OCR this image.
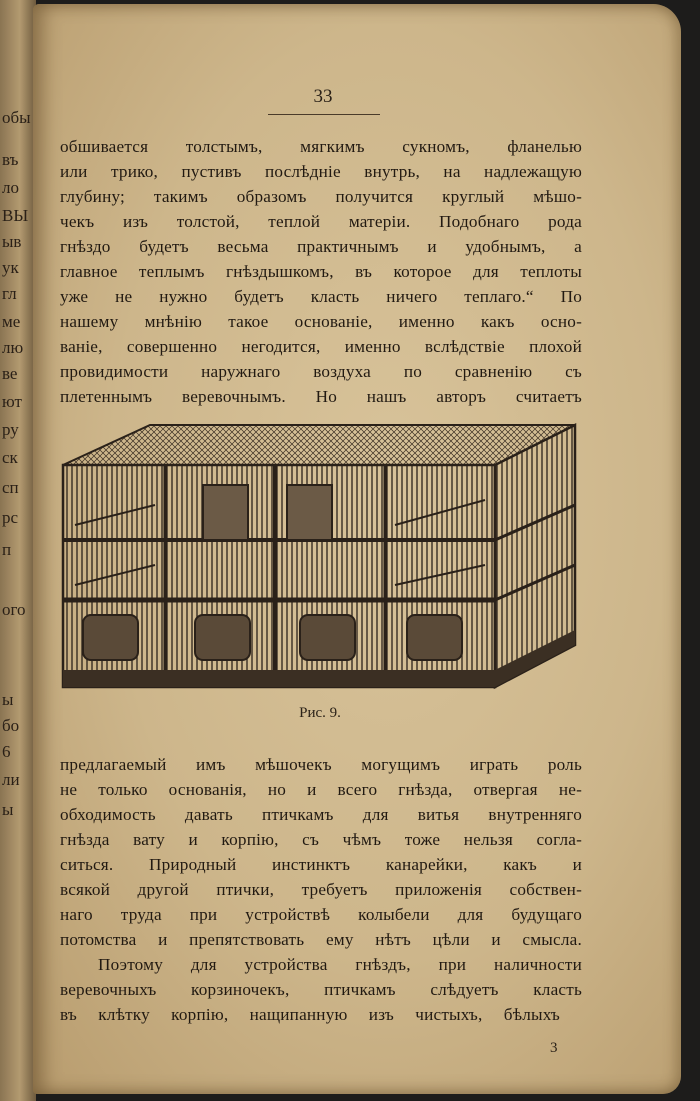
обы
въ
ло
ВЫ
ыв
ук
гл
ме
лю
ве
ют
ру
ск
сп
рс
п
ого
ы
бо
6
ли
ы
33

обшивается толстымъ, мягкимъ сукномъ, фланелью

или трико, пустивъ послѣдніе внутрь, на надлежащую

глубину; такимъ образомъ получится круглый мѣшо-

чекъ изъ толстой, теплой матеріи. Подобнаго рода

гнѣздо будетъ весьма практичнымъ и удобнымъ, а

главное теплымъ гнѣздышкомъ, въ которое для теплоты

уже не нужно будетъ класть ничего теплаго.“ По

нашему мнѣнію такое основаніе, именно какъ осно-

ваніе, совершенно негодится, именно вслѣдствіе плохой

провидимости наружнаго воздуха по сравненію съ

плетеннымъ веревочнымъ. Но нашъ авторъ считаетъ

Рис. 9.

предлагаемый имъ мѣшочекъ могущимъ играть роль

не только основанія, но и всего гнѣзда, отвергая не-

обходимость давать птичкамъ для витья внутренняго

гнѣзда вату и корпію, съ чѣмъ тоже нельзя согла-

ситься. Природный инстинктъ канарейки, какъ и

всякой другой птички, требуетъ приложенія собствен-

наго труда при устройствѣ колыбели для будущаго

потомства и препятствовать ему нѣтъ цѣли и смысла.

Поэтому для устройства гнѣздъ, при наличности

веревочныхъ корзиночекъ, птичкамъ слѣдуетъ класть

въ клѣтку корпію, нащипанную изъ чистыхъ, бѣлыхъ

3
